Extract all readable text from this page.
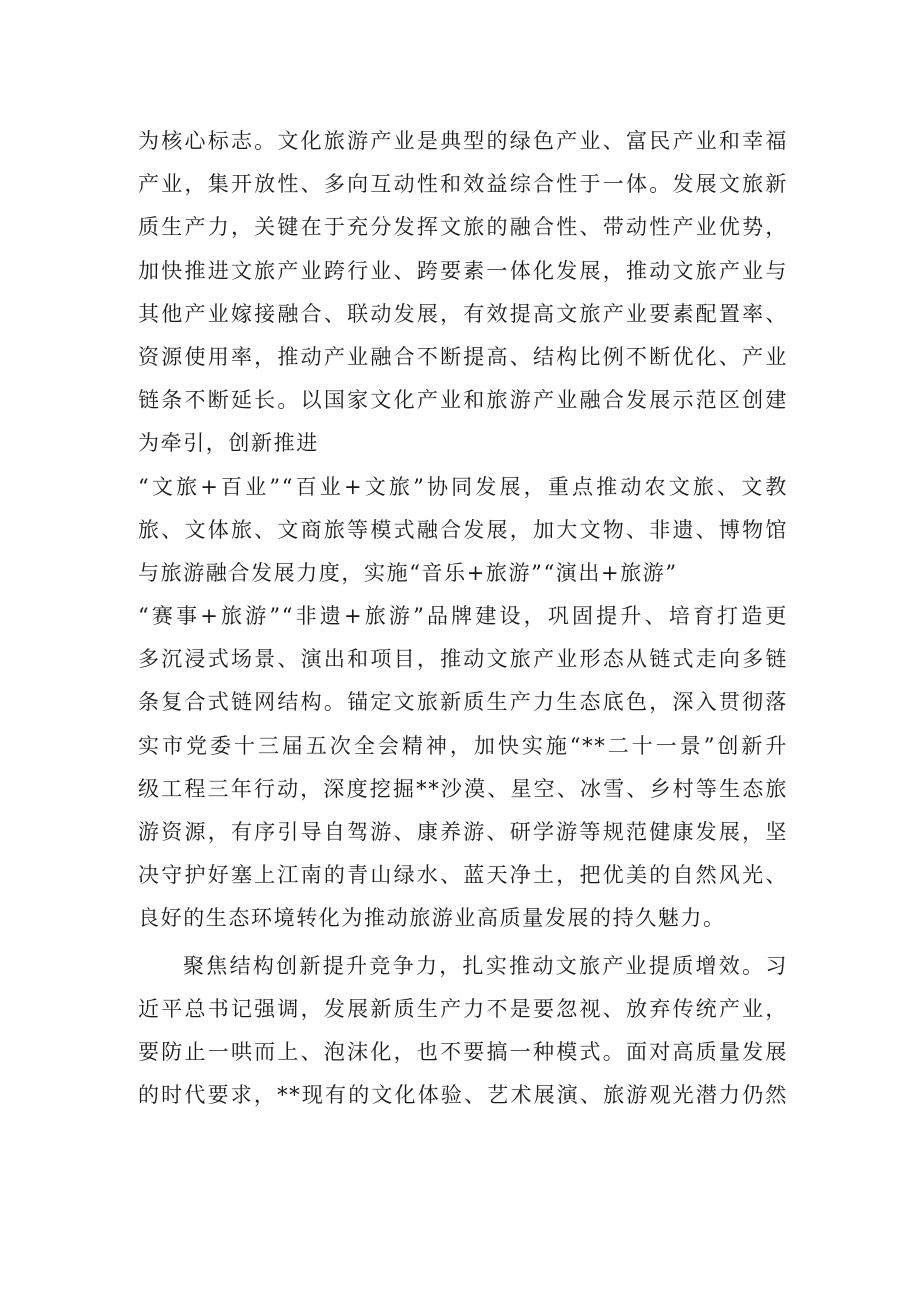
为核心标志。文化旅游产业是典型的绿色产业、富民产业和幸福
产业，集开放性、多向互动性和效益综合性于一体。发展文旅新
质生产力，关键在于充分发挥文旅的融合性、带动性产业优势，
加快推进文旅产业跨行业、跨要素一体化发展，推动文旅产业与
其他产业嫁接融合、联动发展，有效提高文旅产业要素配置率、
资源使用率，推动产业融合不断提高、结构比例不断优化、产业
链条不断延长。以国家文化产业和旅游产业融合发展示范区创建
为牵引，创新推进
“文旅+百业”“百业+文旅”协同发展，重点推动农文旅、文教
旅、文体旅、文商旅等模式融合发展，加大文物、非遗、博物馆
与旅游融合发展力度，实施“音乐+旅游”“演出+旅游”
“赛事+旅游”“非遗+旅游”品牌建设，巩固提升、培育打造更
多沉浸式场景、演出和项目，推动文旅产业形态从链式走向多链
条复合式链网结构。锚定文旅新质生产力生态底色，深入贯彻落
实市党委十三届五次全会精神，加快实施“**二十一景”创新升
级工程三年行动，深度挖掘**沙漠、星空、冰雪、乡村等生态旅
游资源，有序引导自驾游、康养游、研学游等规范健康发展，坚
决守护好塞上江南的青山绿水、蓝天净土，把优美的自然风光、
良好的生态环境转化为推动旅游业高质量发展的持久魅力。
聚焦结构创新提升竞争力，扎实推动文旅产业提质增效。习
近平总书记强调，发展新质生产力不是要忽视、放弃传统产业，
要防止一哄而上、泡沫化，也不要搞一种模式。面对高质量发展
的时代要求，**现有的文化体验、艺术展演、旅游观光潜力仍然
